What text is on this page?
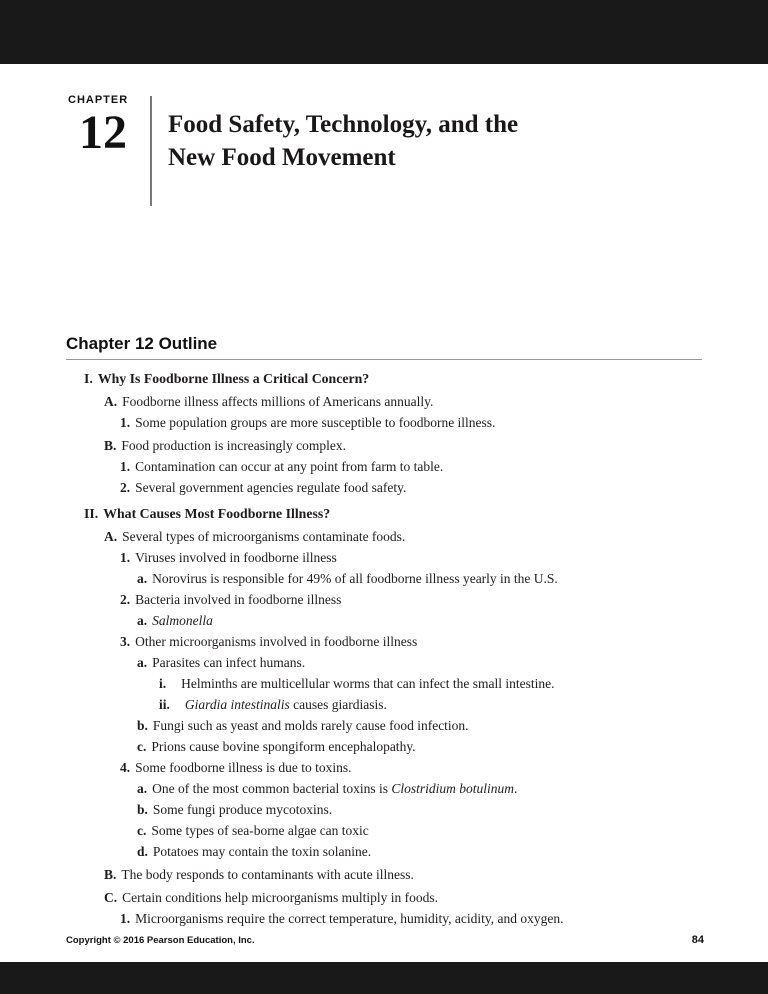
CHAPTER
12	Food Safety, Technology, and the
New Food Movement
Chapter 12 Outline
I. Why Is Foodborne Illness a Critical Concern?
A. Foodborne illness affects millions of Americans annually.
1. Some population groups are more susceptible to foodborne illness.
B. Food production is increasingly complex.
1. Contamination can occur at any point from farm to table.
2. Several government agencies regulate food safety.
II. What Causes Most Foodborne Illness?
A. Several types of microorganisms contaminate foods.
1. Viruses involved in foodborne illness
a. Norovirus is responsible for 49% of all foodborne illness yearly in the U.S.
2. Bacteria involved in foodborne illness
a. Salmonella
3. Other microorganisms involved in foodborne illness
a. Parasites can infect humans.
i. Helminths are multicellular worms that can infect the small intestine.
ii. Giardia intestinalis causes giardiasis.
b. Fungi such as yeast and molds rarely cause food infection.
c. Prions cause bovine spongiform encephalopathy.
4. Some foodborne illness is due to toxins.
a. One of the most common bacterial toxins is Clostridium botulinum.
b. Some fungi produce mycotoxins.
c. Some types of sea-borne algae can toxic
d. Potatoes may contain the toxin solanine.
B. The body responds to contaminants with acute illness.
C. Certain conditions help microorganisms multiply in foods.
1. Microorganisms require the correct temperature, humidity, acidity, and oxygen.
Copyright © 2016 Pearson Education, Inc.	84
